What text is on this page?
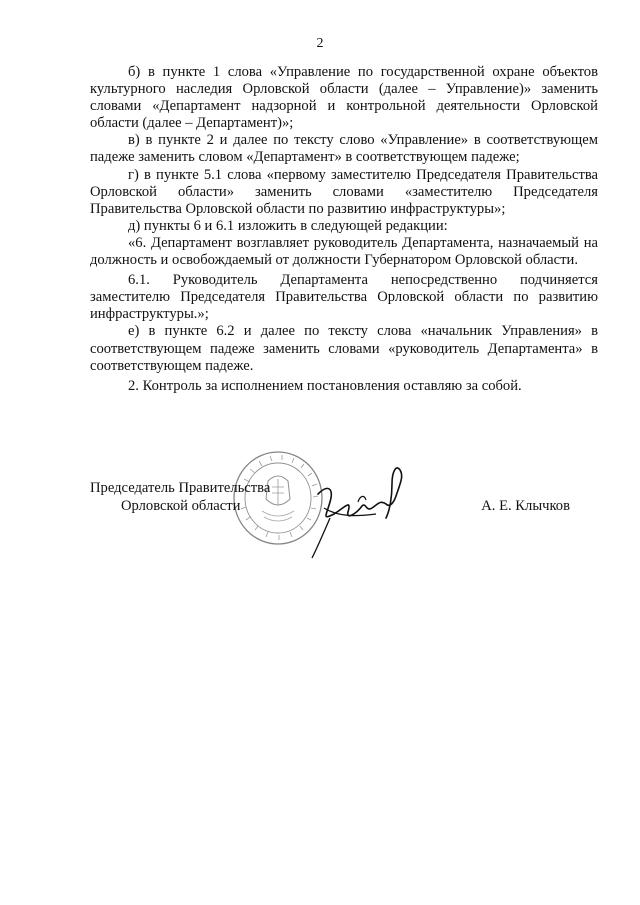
2

б) в пункте 1 слова «Управление по государственной охране объектов культурного наследия Орловской области (далее – Управление)» заменить словами «Департамент надзорной и контрольной деятельности Орловской области (далее – Департамент)»;

в) в пункте 2 и далее по тексту слово «Управление» в соответствующем падеже заменить словом «Департамент» в соответствующем падеже;

г) в пункте 5.1 слова «первому заместителю Председателя Правительства Орловской области» заменить словами «заместителю Председателя Правительства Орловской области по развитию инфраструктуры»;

д) пункты 6 и 6.1 изложить в следующей редакции:

«6. Департамент возглавляет руководитель Департамента, назначаемый на должность и освобождаемый от должности Губернатором Орловской области.

6.1. Руководитель Департамента непосредственно подчиняется заместителю Председателя Правительства Орловской области по развитию инфраструктуры.»;

е) в пункте 6.2 и далее по тексту слова «начальник Управления» в соответствующем падеже заменить словами «руководитель Департамента» в соответствующем падеже.

2. Контроль за исполнением постановления оставляю за собой.

Председатель Правительства
Орловской области	А. Е. Клычков
